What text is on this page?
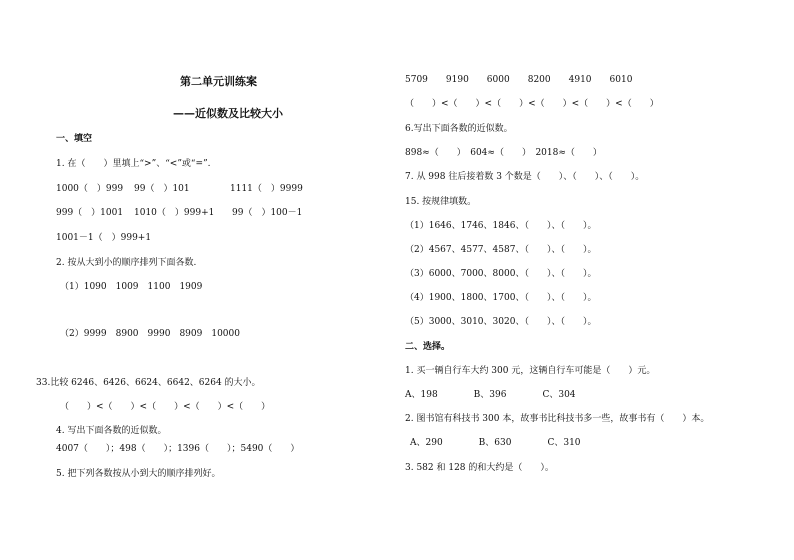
第二单元训练案
——近似数及比较大小
一、填空
1. 在（　　）里填上“>”、“<”或“=”.
1000（　）999 99（　）101	1111（　）9999
999（　）1001 1010（　）999+1 99（　）100－1
1001－1（　）999+1
2. 按从大到小的顺序排列下面各数.
（1）1090　1009　1100　1909
（2）9999　8900　9990　8909　10000
33.比较 6246、6426、6624、6642、6264 的大小。
（　　）<（　　）<（　　）<（　　）<（　　）
4. 写出下面各数的近似数。
4007（　　）；498（　　）；1396（　　）；5490（　　）
5. 把下列各数按从小到大的顺序排列好。
5709　　9190　　6000　　8200　　4910　　6010
（　　）<（　　）<（　　）<（　　）<（　　）<（　　）
6.写出下面各数的近似数。
898≈（　　）　604≈（　　）　2018≈（　　）
7. 从 998 往后接着数 3 个数是（　　）、（　　）、（　　）。
15. 按规律填数。
（1）1646、1746、1846、（　　）、（　　）。
（2）4567、4577、4587、（　　）、（　　）。
（3）6000、7000、8000、（　　）、（　　）。
（4）1900、1800、1700、（　　）、（　　）。
（5）3000、3010、3020、（　　）、（　　）。
二、选择。
1. 买一辆自行车大约 300 元，这辆自行车可能是（　　）元。
A、198　　　　B、396　　　　C、304
2. 图书馆有科技书 300 本，故事书比科技书多一些，故事书有（　　）本。
A、290　　　　B、630　　　　C、310
3. 582 和 128 的和大约是（　　）。
